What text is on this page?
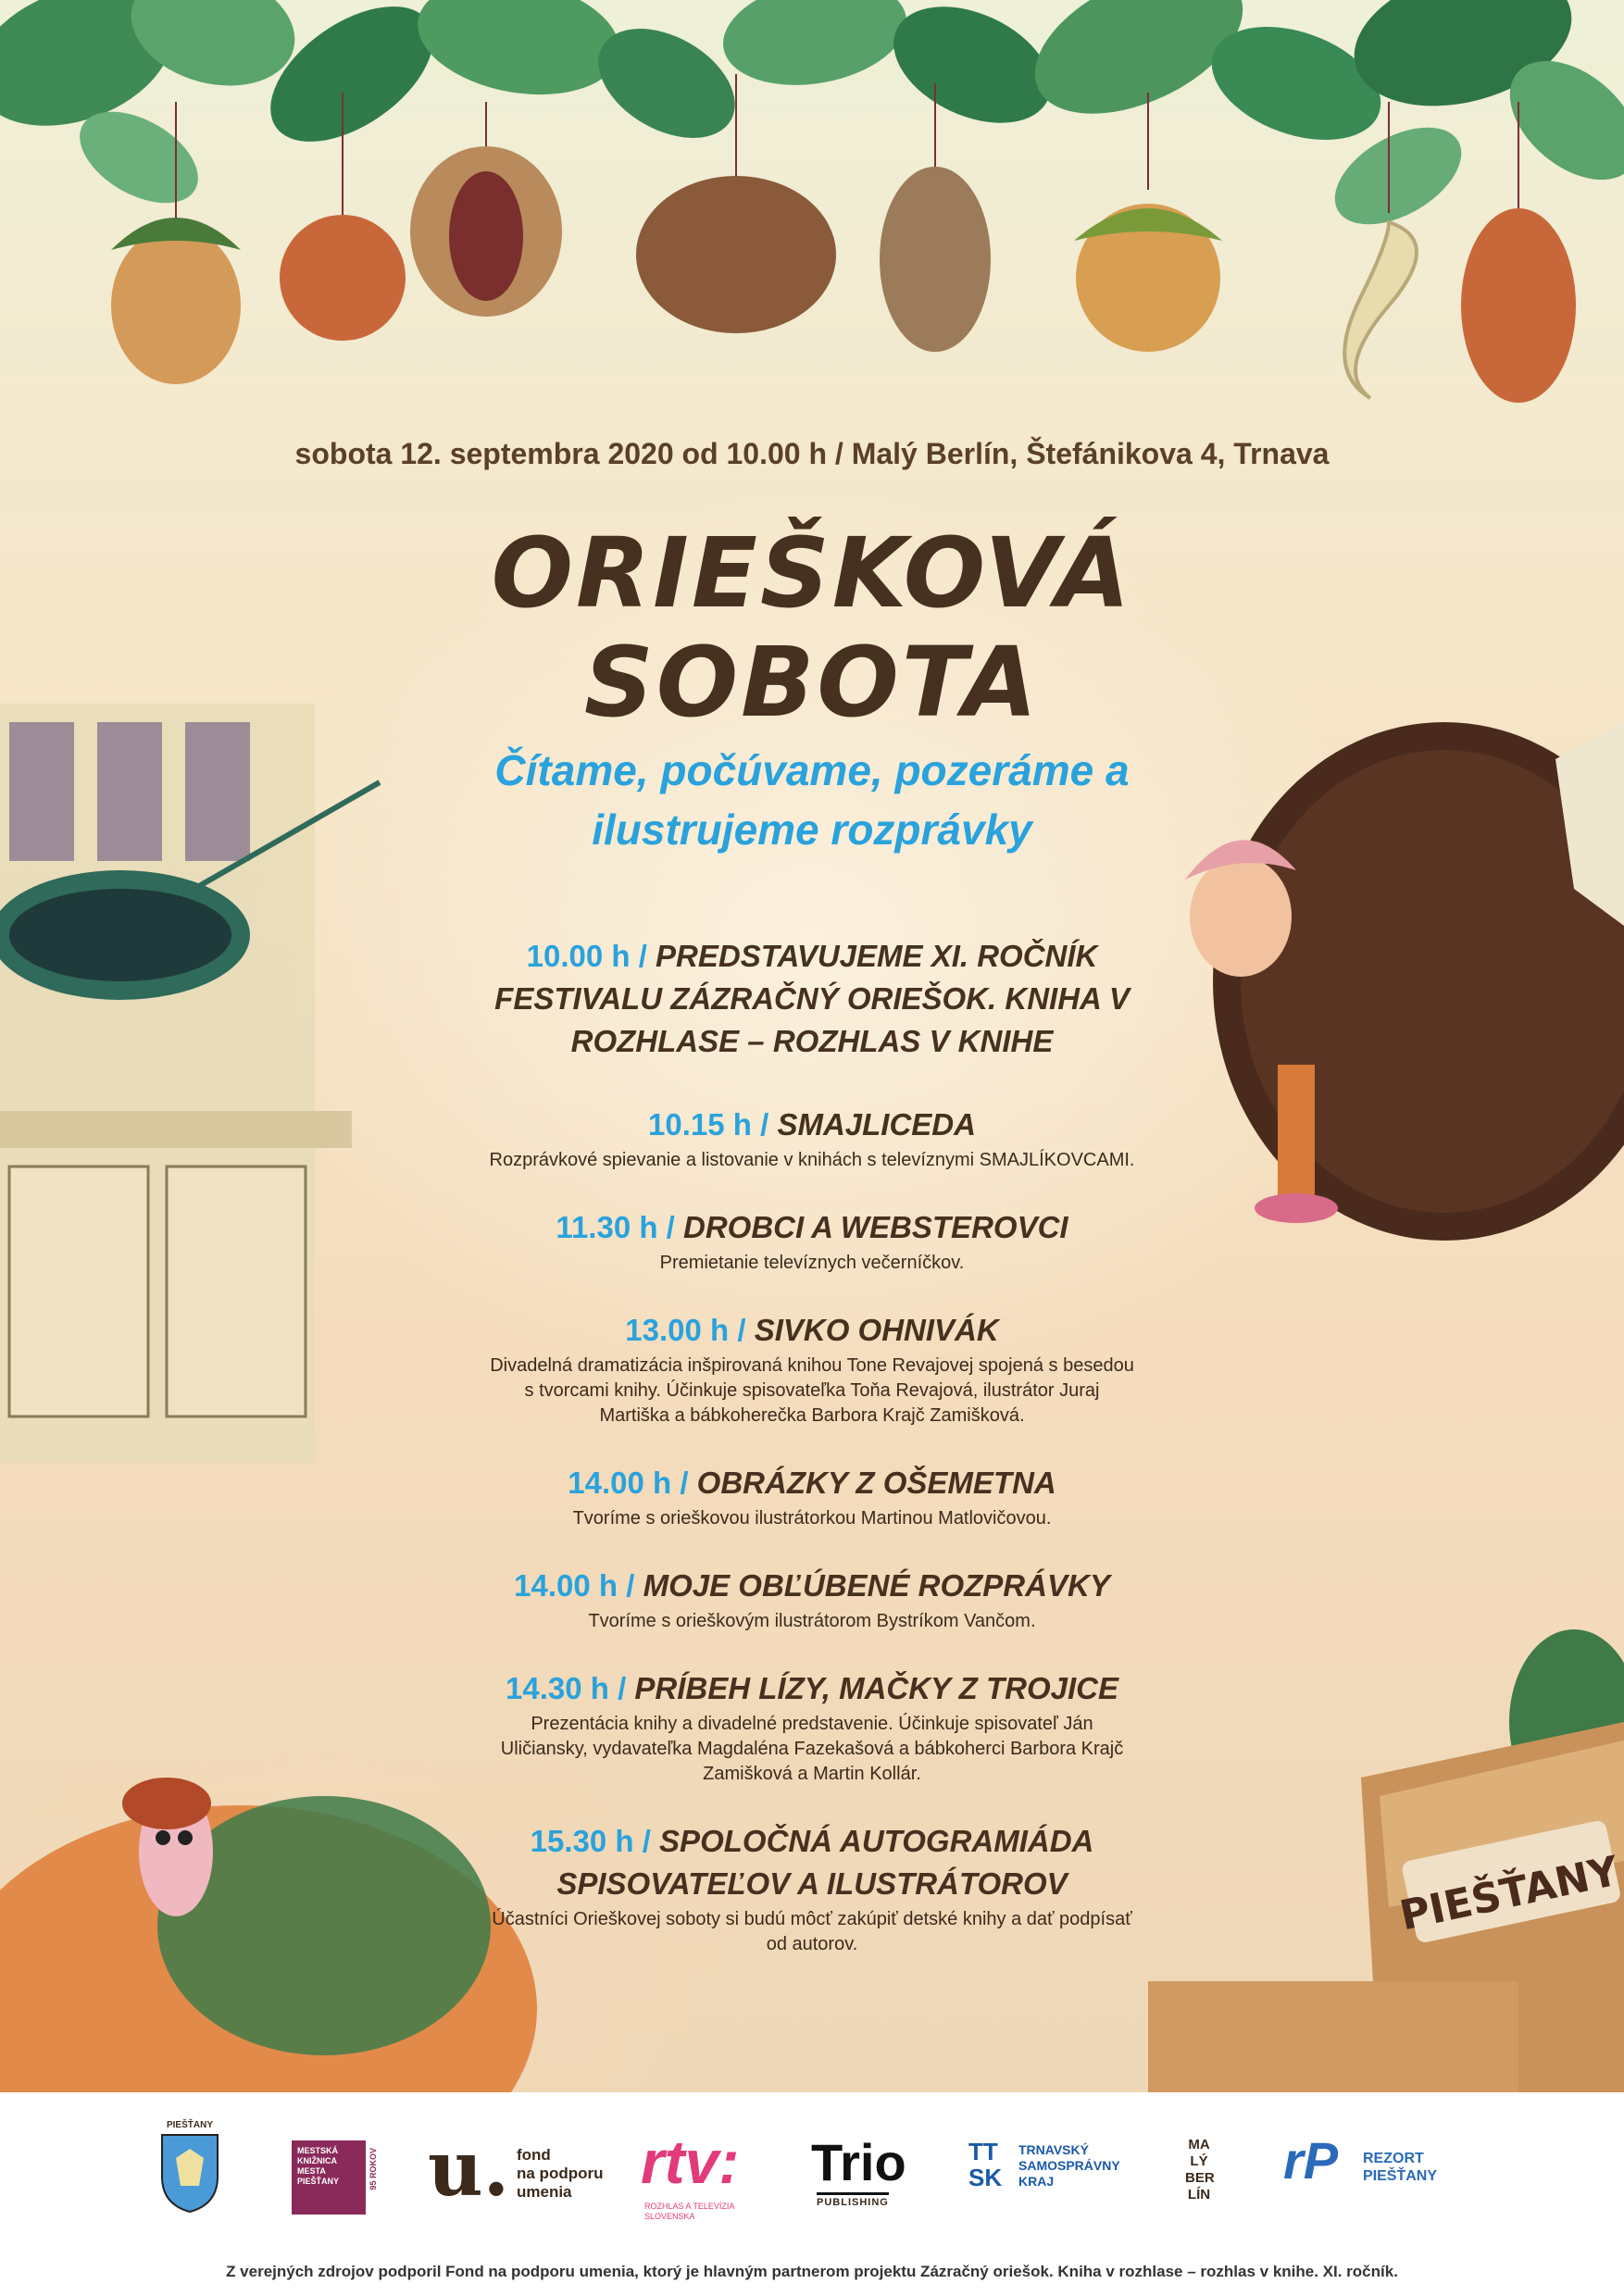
PIEŠŤANY
sobota 12. septembra 2020 od 10.00 h / Malý Berlín, Štefánikova 4, Trnava
ORIEŠKOVÁ
SOBOTA
Čítame, počúvame, pozeráme a
ilustrujeme rozprávky
10.00 h / PREDSTAVUJEME XI. ROČNÍK FESTIVALU ZÁZRAČNÝ ORIEŠOK. KNIHA V ROZHLASE – ROZHLAS V KNIHE
10.15 h / SMAJLICEDA
Rozprávkové spievanie a listovanie v knihách s televíznymi SMAJLÍKOVCAMI.
11.30 h / DROBCI A WEBSTEROVCI
Premietanie televíznych večerníčkov.
13.00 h / SIVKO OHNIVÁK
Divadelná dramatizácia inšpirovaná knihou Tone Revajovej spojená s besedou s tvorcami knihy. Účinkuje spisovateľka Toňa Revajová, ilustrátor Juraj Martiška a bábkoherečka Barbora Krajč Zamišková.
14.00 h / OBRÁZKY Z OŠEMETNA
Tvoríme s orieškovou ilustrátorkou Martinou Matlovičovou.
14.00 h / MOJE OBĽÚBENÉ ROZPRÁVKY
Tvoríme s orieškovým ilustrátorom Bystríkom Vančom.
14.30 h / PRÍBEH LÍZY, MAČKY Z TROJICE
Prezentácia knihy a divadelné predstavenie. Účinkuje spisovateľ Ján Uličiansky, vydavateľka Magdaléna Fazekašová a bábkoherci Barbora Krajč Zamišková a Martin Kollár.
15.30 h / SPOLOČNÁ AUTOGRAMIÁDA SPISOVATEĽOV A ILUSTRÁTOROV
Účastníci Orieškovej soboty si budú môcť zakúpiť detské knihy a dať podpísať od autorov.
PIEŠŤANY
MESTSKÁ
KNIŽNICA
MESTA
PIEŠŤANY	95 ROKOV u. fond
na podporu
umenia	rtv:
ROZHLAS A TELEVÍZIA
SLOVENSKA
Trio
PUBLISHING
TT
SK
TRNAVSKÝ
SAMOSPRÁVNY
KRAJ
MA
LÝ
BER
LÍN
rP REZORT
PIEŠŤANY
Z verejných zdrojov podporil Fond na podporu umenia, ktorý je hlavným partnerom projektu Zázračný oriešok. Kniha v rozhlase – rozhlas v knihe. XI. ročník.
